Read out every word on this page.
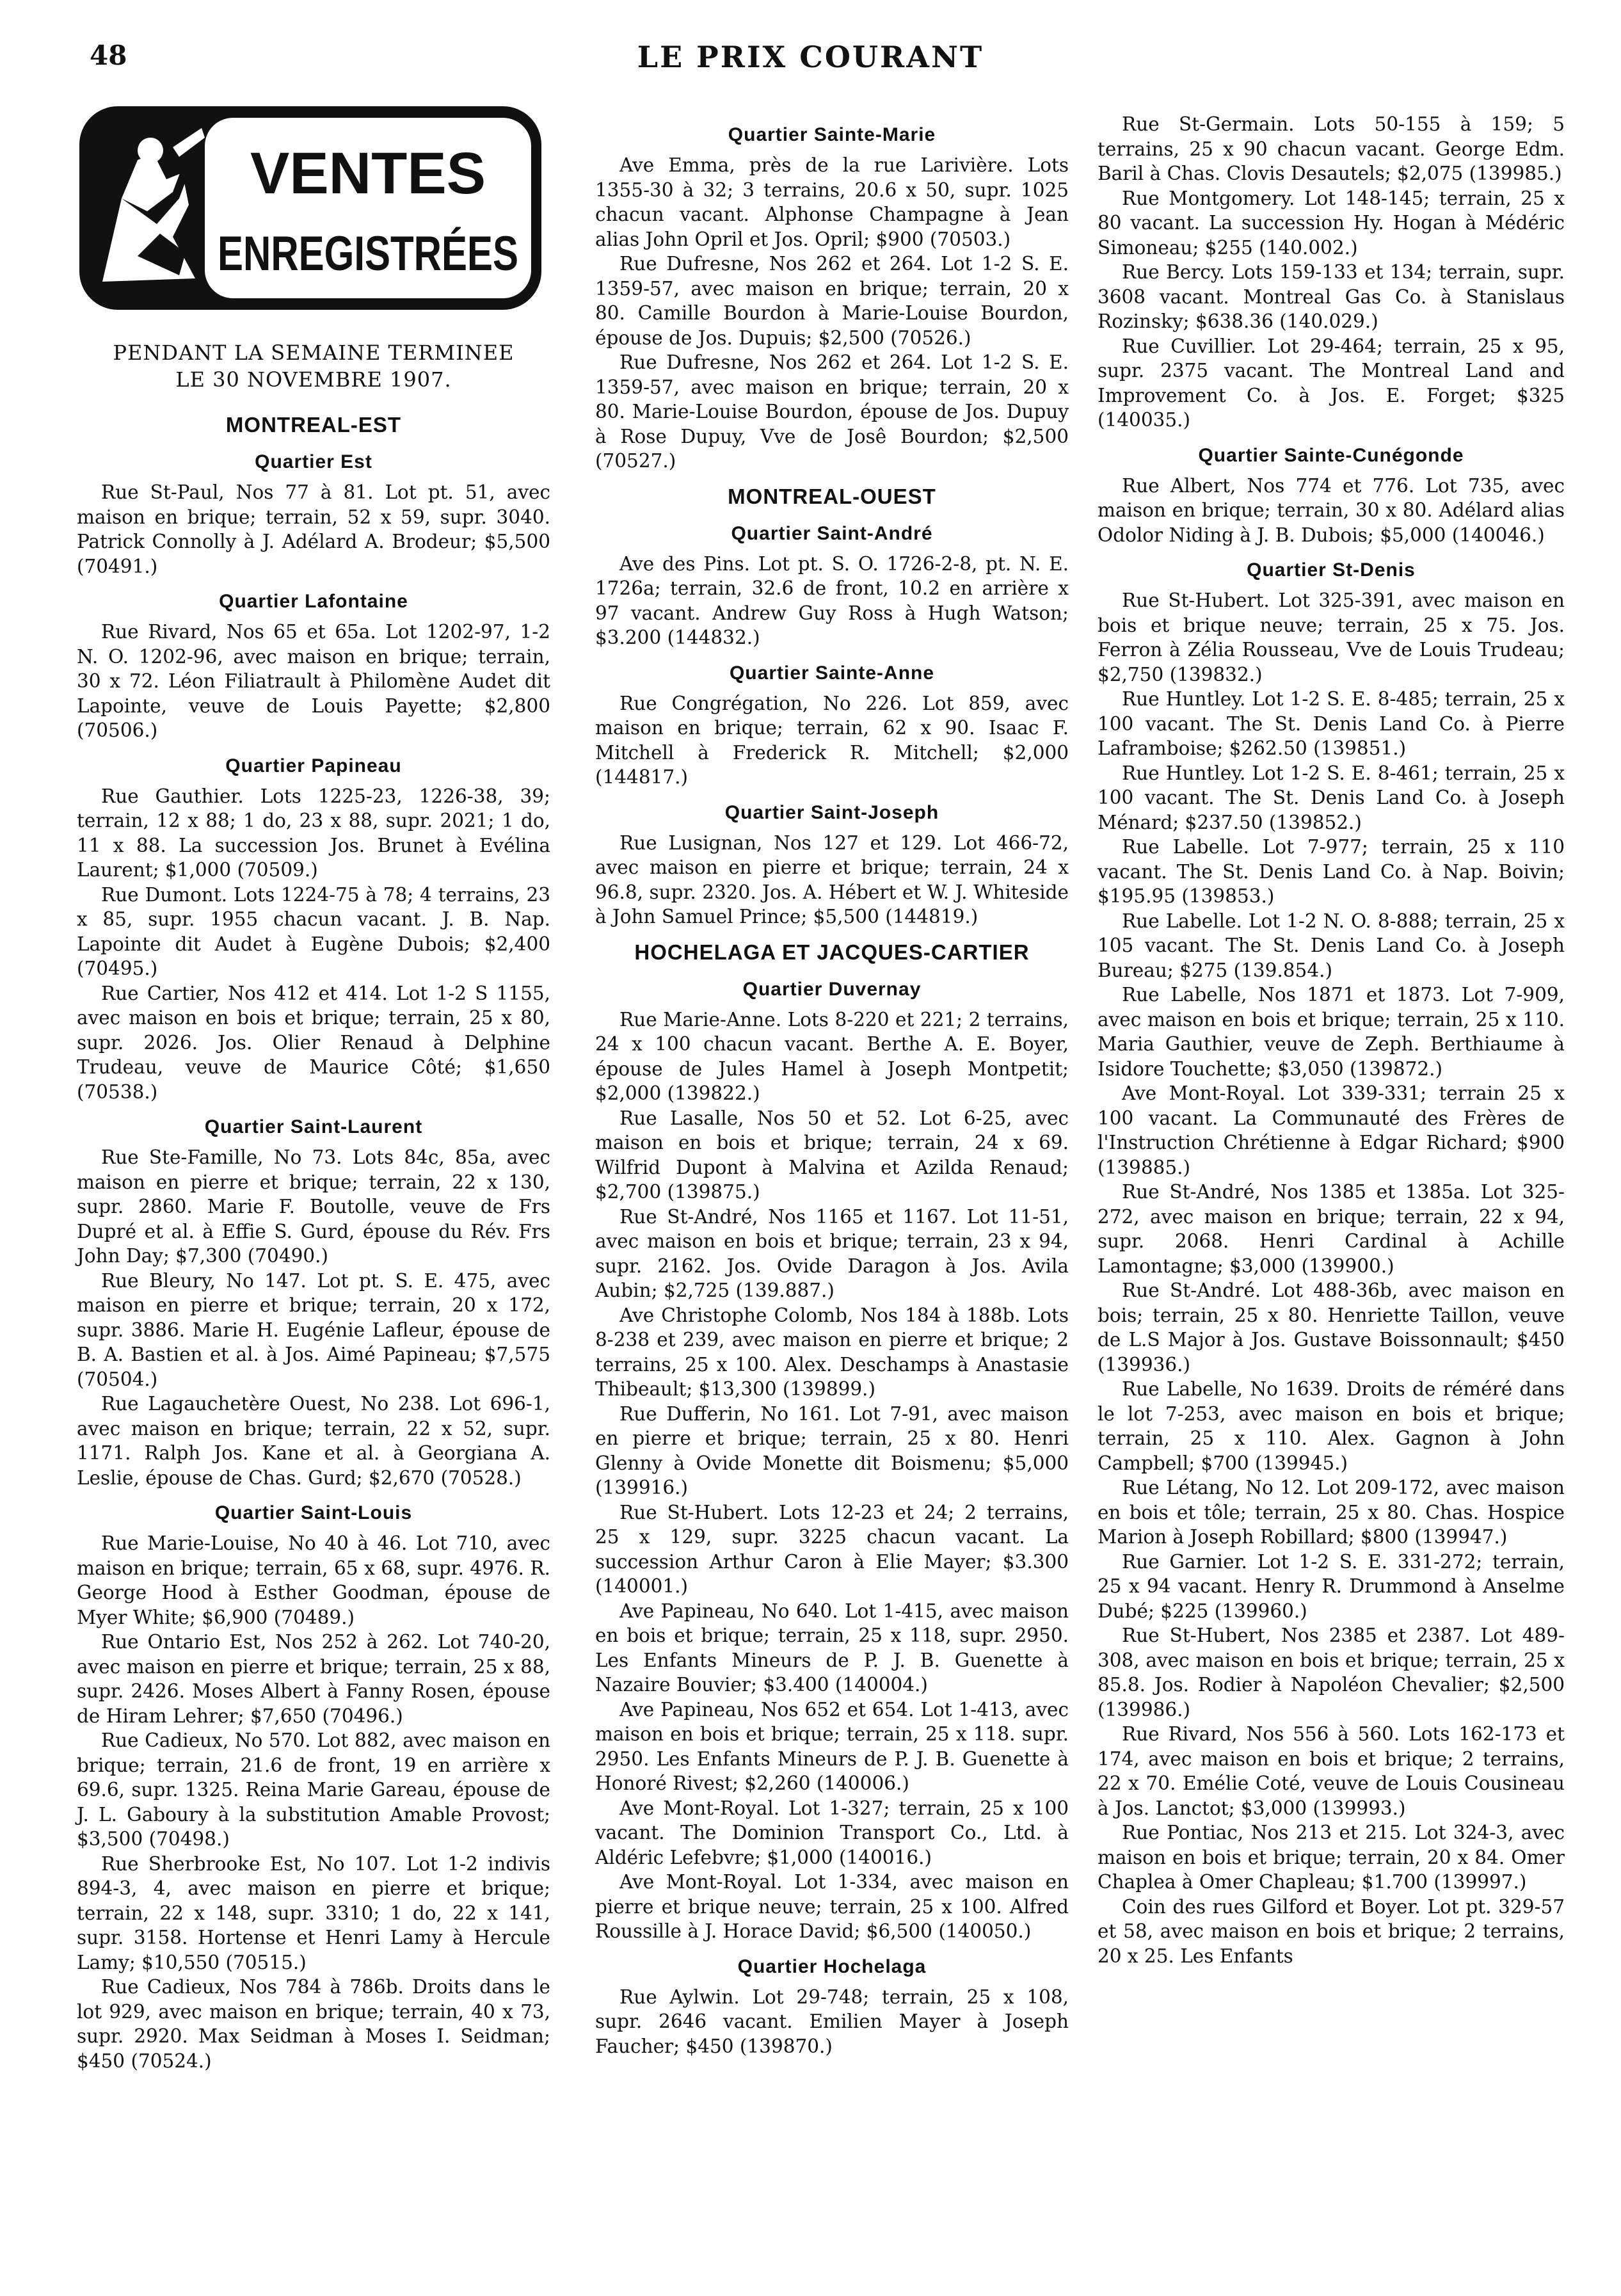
48	LE PRIX COURANT
VENTES
ENREGISTRÉES
PENDANT LA SEMAINE TERMINEE
LE 30 NOVEMBRE 1907.
MONTREAL-EST
Quartier Est

Rue St-Paul, Nos 77 à 81. Lot pt. 51, avec maison en brique; terrain, 52 x 59, supr. 3040. Patrick Connolly à J. Adélard A. Brodeur; $5,500 (70491.)

Quartier Lafontaine

Rue Rivard, Nos 65 et 65a. Lot 1202-97, 1-2 N. O. 1202-96, avec maison en brique; terrain, 30 x 72. Léon Filiatrault à Philomène Audet dit Lapointe, veuve de Louis Payette; $2,800 (70506.)

Quartier Papineau

Rue Gauthier. Lots 1225-23, 1226-38, 39; terrain, 12 x 88; 1 do, 23 x 88, supr. 2021; 1 do, 11 x 88. La succession Jos. Brunet à Evélina Laurent; $1,000 (70509.)

Rue Dumont. Lots 1224-75 à 78; 4 terrains, 23 x 85, supr. 1955 chacun vacant. J. B. Nap. Lapointe dit Audet à Eugène Dubois; $2,400 (70495.)

Rue Cartier, Nos 412 et 414. Lot 1-2 S 1155, avec maison en bois et brique; terrain, 25 x 80, supr. 2026. Jos. Olier Renaud à Delphine Trudeau, veuve de Maurice Côté; $1,650 (70538.)

Quartier Saint-Laurent

Rue Ste-Famille, No 73. Lots 84c, 85a, avec maison en pierre et brique; terrain, 22 x 130, supr. 2860. Marie F. Boutolle, veuve de Frs Dupré et al. à Effie S. Gurd, épouse du Rév. Frs John Day; $7,300 (70490.)

Rue Bleury, No 147. Lot pt. S. E. 475, avec maison en pierre et brique; terrain, 20 x 172, supr. 3886. Marie H. Eugénie Lafleur, épouse de B. A. Bastien et al. à Jos. Aimé Papineau; $7,575 (70504.)

Rue Lagauchetère Ouest, No 238. Lot 696-1, avec maison en brique; terrain, 22 x 52, supr. 1171. Ralph Jos. Kane et al. à Georgiana A. Leslie, épouse de Chas. Gurd; $2,670 (70528.)

Quartier Saint-Louis

Rue Marie-Louise, No 40 à 46. Lot 710, avec maison en brique; terrain, 65 x 68, supr. 4976. R. George Hood à Esther Goodman, épouse de Myer White; $6,900 (70489.)

Rue Ontario Est, Nos 252 à 262. Lot 740-20, avec maison en pierre et brique; terrain, 25 x 88, supr. 2426. Moses Albert à Fanny Rosen, épouse de Hiram Lehrer; $7,650 (70496.)

Rue Cadieux, No 570. Lot 882, avec maison en brique; terrain, 21.6 de front, 19 en arrière x 69.6, supr. 1325. Reina Marie Gareau, épouse de J. L. Gaboury à la substitution Amable Provost; $3,500 (70498.)

Rue Sherbrooke Est, No 107. Lot 1-2 indivis 894-3, 4, avec maison en pierre et brique; terrain, 22 x 148, supr. 3310; 1 do, 22 x 141, supr. 3158. Hortense et Henri Lamy à Hercule Lamy; $10,550 (70515.)

Rue Cadieux, Nos 784 à 786b. Droits dans le lot 929, avec maison en brique; terrain, 40 x 73, supr. 2920. Max Seidman à Moses I. Seidman; $450 (70524.)

Quartier Sainte-Marie

Ave Emma, près de la rue Larivière. Lots 1355-30 à 32; 3 terrains, 20.6 x 50, supr. 1025 chacun vacant. Alphonse Champagne à Jean alias John Opril et Jos. Opril; $900 (70503.)

Rue Dufresne, Nos 262 et 264. Lot 1-2 S. E. 1359-57, avec maison en brique; terrain, 20 x 80. Camille Bourdon à Marie-Louise Bourdon, épouse de Jos. Dupuis; $2,500 (70526.)

Rue Dufresne, Nos 262 et 264. Lot 1-2 S. E. 1359-57, avec maison en brique; terrain, 20 x 80. Marie-Louise Bourdon, épouse de Jos. Dupuy à Rose Dupuy, Vve de Josê Bourdon; $2,500 (70527.)

MONTREAL-OUEST
Quartier Saint-André

Ave des Pins. Lot pt. S. O. 1726-2-8, pt. N. E. 1726a; terrain, 32.6 de front, 10.2 en arrière x 97 vacant. Andrew Guy Ross à Hugh Watson; $3.200 (144832.)

Quartier Sainte-Anne

Rue Congrégation, No 226. Lot 859, avec maison en brique; terrain, 62 x 90. Isaac F. Mitchell à Frederick R. Mitchell; $2,000 (144817.)

Quartier Saint-Joseph

Rue Lusignan, Nos 127 et 129. Lot 466-72, avec maison en pierre et brique; terrain, 24 x 96.8, supr. 2320. Jos. A. Hébert et W. J. Whiteside à John Samuel Prince; $5,500 (144819.)

HOCHELAGA ET JACQUES-CARTIER
Quartier Duvernay

Rue Marie-Anne. Lots 8-220 et 221; 2 terrains, 24 x 100 chacun vacant. Berthe A. E. Boyer, épouse de Jules Hamel à Joseph Montpetit; $2,000 (139822.)

Rue Lasalle, Nos 50 et 52. Lot 6-25, avec maison en bois et brique; terrain, 24 x 69. Wilfrid Dupont à Malvina et Azilda Renaud; $2,700 (139875.)

Rue St-André, Nos 1165 et 1167. Lot 11-51, avec maison en bois et brique; terrain, 23 x 94, supr. 2162. Jos. Ovide Daragon à Jos. Avila Aubin; $2,725 (139.887.)

Ave Christophe Colomb, Nos 184 à 188b. Lots 8-238 et 239, avec maison en pierre et brique; 2 terrains, 25 x 100. Alex. Deschamps à Anastasie Thibeault; $13,300 (139899.)

Rue Dufferin, No 161. Lot 7-91, avec maison en pierre et brique; terrain, 25 x 80. Henri Glenny à Ovide Monette dit Boismenu; $5,000 (139916.)

Rue St-Hubert. Lots 12-23 et 24; 2 terrains, 25 x 129, supr. 3225 chacun vacant. La succession Arthur Caron à Elie Mayer; $3.300 (140001.)

Ave Papineau, No 640. Lot 1-415, avec maison en bois et brique; terrain, 25 x 118, supr. 2950. Les Enfants Mineurs de P. J. B. Guenette à Nazaire Bouvier; $3.400 (140004.)

Ave Papineau, Nos 652 et 654. Lot 1-413, avec maison en bois et brique; terrain, 25 x 118. supr. 2950. Les Enfants Mineurs de P. J. B. Guenette à Honoré Rivest; $2,260 (140006.)

Ave Mont-Royal. Lot 1-327; terrain, 25 x 100 vacant. The Dominion Transport Co., Ltd. à Aldéric Lefebvre; $1,000 (140016.)

Ave Mont-Royal. Lot 1-334, avec maison en pierre et brique neuve; terrain, 25 x 100. Alfred Roussille à J. Horace David; $6,500 (140050.)

Quartier Hochelaga

Rue Aylwin. Lot 29-748; terrain, 25 x 108, supr. 2646 vacant. Emilien Mayer à Joseph Faucher; $450 (139870.)

Rue St-Germain. Lots 50-155 à 159; 5 terrains, 25 x 90 chacun vacant. George Edm. Baril à Chas. Clovis Desautels; $2,075 (139985.)

Rue Montgomery. Lot 148-145; terrain, 25 x 80 vacant. La succession Hy. Hogan à Médéric Simoneau; $255 (140.002.)

Rue Bercy. Lots 159-133 et 134; terrain, supr. 3608 vacant. Montreal Gas Co. à Stanislaus Rozinsky; $638.36 (140.029.)

Rue Cuvillier. Lot 29-464; terrain, 25 x 95, supr. 2375 vacant. The Montreal Land and Improvement Co. à Jos. E. Forget; $325 (140035.)

Quartier Sainte-Cunégonde

Rue Albert, Nos 774 et 776. Lot 735, avec maison en brique; terrain, 30 x 80. Adélard alias Odolor Niding à J. B. Dubois; $5,000 (140046.)

Quartier St-Denis

Rue St-Hubert. Lot 325-391, avec maison en bois et brique neuve; terrain, 25 x 75. Jos. Ferron à Zélia Rousseau, Vve de Louis Trudeau; $2,750 (139832.)

Rue Huntley. Lot 1-2 S. E. 8-485; terrain, 25 x 100 vacant. The St. Denis Land Co. à Pierre Laframboise; $262.50 (139851.)

Rue Huntley. Lot 1-2 S. E. 8-461; terrain, 25 x 100 vacant. The St. Denis Land Co. à Joseph Ménard; $237.50 (139852.)

Rue Labelle. Lot 7-977; terrain, 25 x 110 vacant. The St. Denis Land Co. à Nap. Boivin; $195.95 (139853.)

Rue Labelle. Lot 1-2 N. O. 8-888; terrain, 25 x 105 vacant. The St. Denis Land Co. à Joseph Bureau; $275 (139.854.)

Rue Labelle, Nos 1871 et 1873. Lot 7-909, avec maison en bois et brique; terrain, 25 x 110. Maria Gauthier, veuve de Zeph. Berthiaume à Isidore Touchette; $3,050 (139872.)

Ave Mont-Royal. Lot 339-331; terrain 25 x 100 vacant. La Communauté des Frères de l'Instruction Chrétienne à Edgar Richard; $900 (139885.)

Rue St-André, Nos 1385 et 1385a. Lot 325-272, avec maison en brique; terrain, 22 x 94, supr. 2068. Henri Cardinal à Achille Lamontagne; $3,000 (139900.)

Rue St-André. Lot 488-36b, avec maison en bois; terrain, 25 x 80. Henriette Taillon, veuve de L.S Major à Jos. Gustave Boissonnault; $450 (139936.)

Rue Labelle, No 1639. Droits de réméré dans le lot 7-253, avec maison en bois et brique; terrain, 25 x 110. Alex. Gagnon à John Campbell; $700 (139945.)

Rue Létang, No 12. Lot 209-172, avec maison en bois et tôle; terrain, 25 x 80. Chas. Hospice Marion à Joseph Robillard; $800 (139947.)

Rue Garnier. Lot 1-2 S. E. 331-272; terrain, 25 x 94 vacant. Henry R. Drummond à Anselme Dubé; $225 (139960.)

Rue St-Hubert, Nos 2385 et 2387. Lot 489-308, avec maison en bois et brique; terrain, 25 x 85.8. Jos. Rodier à Napoléon Chevalier; $2,500 (139986.)

Rue Rivard, Nos 556 à 560. Lots 162-173 et 174, avec maison en bois et brique; 2 terrains, 22 x 70. Emélie Coté, veuve de Louis Cousineau à Jos. Lanctot; $3,000 (139993.)

Rue Pontiac, Nos 213 et 215. Lot 324-3, avec maison en bois et brique; terrain, 20 x 84. Omer Chaplea à Omer Chapleau; $1.700 (139997.)

Coin des rues Gilford et Boyer. Lot pt. 329-57 et 58, avec maison en bois et brique; 2 terrains, 20 x 25. Les Enfants
